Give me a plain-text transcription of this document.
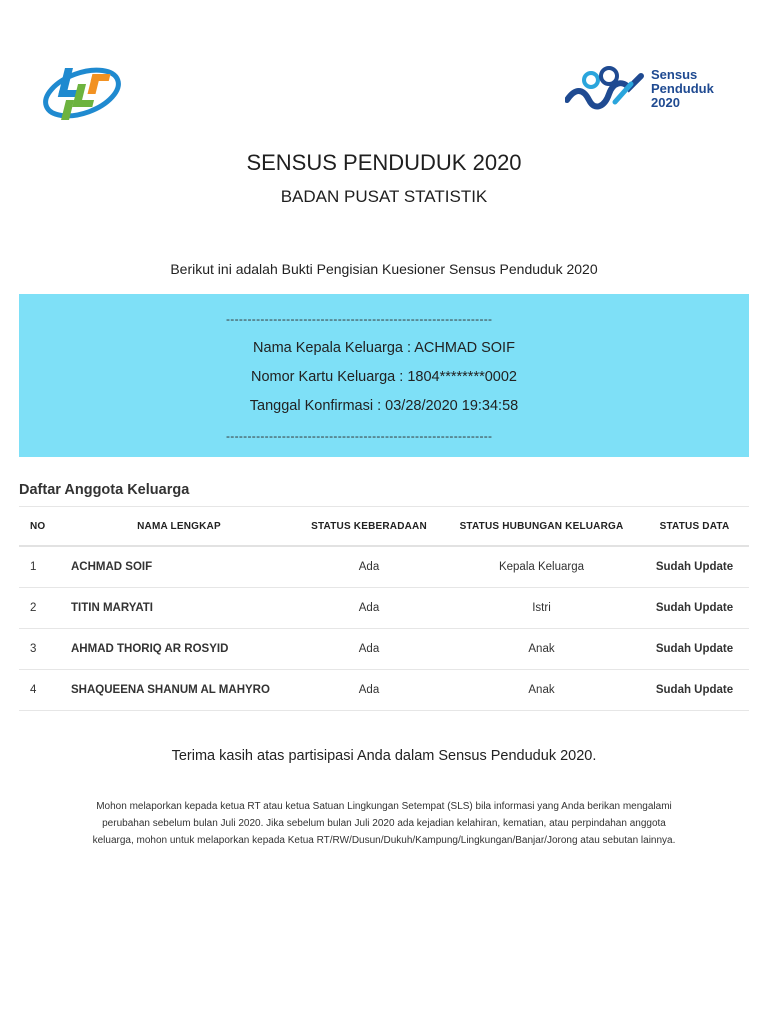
Sensus
Penduduk
2020
SENSUS PENDUDUK 2020
BADAN PUSAT STATISTIK
Berikut ini adalah Bukti Pengisian Kuesioner Sensus Penduduk 2020
--------------------------------------------------------------
Nama Kepala Keluarga : ACHMAD SOIF
Nomor Kartu Keluarga : 1804********0002
Tanggal Konfirmasi : 03/28/2020 19:34:58
--------------------------------------------------------------
Daftar Anggota Keluarga
NO	NAMA LENGKAP	STATUS KEBERADAAN	STATUS HUBUNGAN KELUARGA	STATUS DATA
1	ACHMAD SOIF	Ada	Kepala Keluarga	Sudah Update
2	TITIN MARYATI	Ada	Istri	Sudah Update
3	AHMAD THORIQ AR ROSYID	Ada	Anak	Sudah Update
4	SHAQUEENA SHANUM AL MAHYRO	Ada	Anak	Sudah Update
Terima kasih atas partisipasi Anda dalam Sensus Penduduk 2020.
Mohon melaporkan kepada ketua RT atau ketua Satuan Lingkungan Setempat (SLS) bila informasi yang Anda berikan mengalami
perubahan sebelum bulan Juli 2020. Jika sebelum bulan Juli 2020 ada kejadian kelahiran, kematian, atau perpindahan anggota
keluarga, mohon untuk melaporkan kepada Ketua RT/RW/Dusun/Dukuh/Kampung/Lingkungan/Banjar/Jorong atau sebutan lainnya.
